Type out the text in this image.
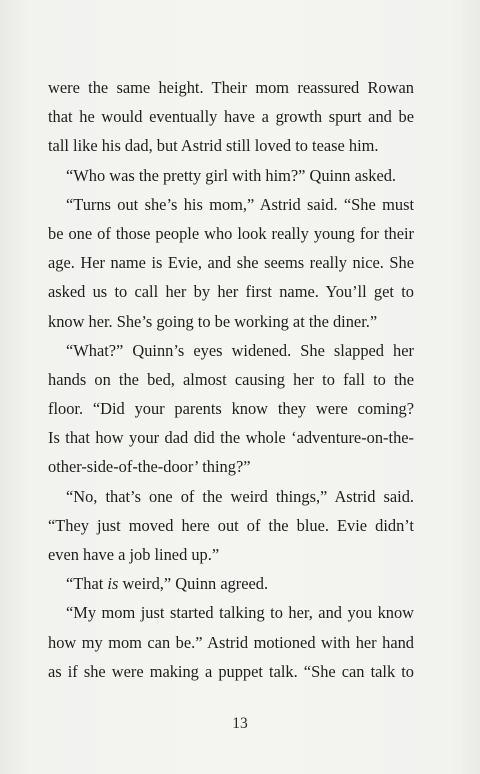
were the same height. Their mom reassured Rowan
that he would eventually have a growth spurt and be
tall like his dad, but Astrid still loved to tease him.
“Who was the pretty girl with him?” Quinn asked.
“Turns out she’s his mom,” Astrid said. “She must
be one of those people who look really young for their
age. Her name is Evie, and she seems really nice. She
asked us to call her by her first name. You’ll get to
know her. She’s going to be working at the diner.”
“What?” Quinn’s eyes widened. She slapped her
hands on the bed, almost causing her to fall to the
floor. “Did your parents know they were coming?
Is that how your dad did the whole ‘adventure-on-the-
other-side-of-the-door’ thing?”
“No, that’s one of the weird things,” Astrid said.
“They just moved here out of the blue. Evie didn’t
even have a job lined up.”
“That is weird,” Quinn agreed.
“My mom just started talking to her, and you know
how my mom can be.” Astrid motioned with her hand
as if she were making a puppet talk. “She can talk to
13
